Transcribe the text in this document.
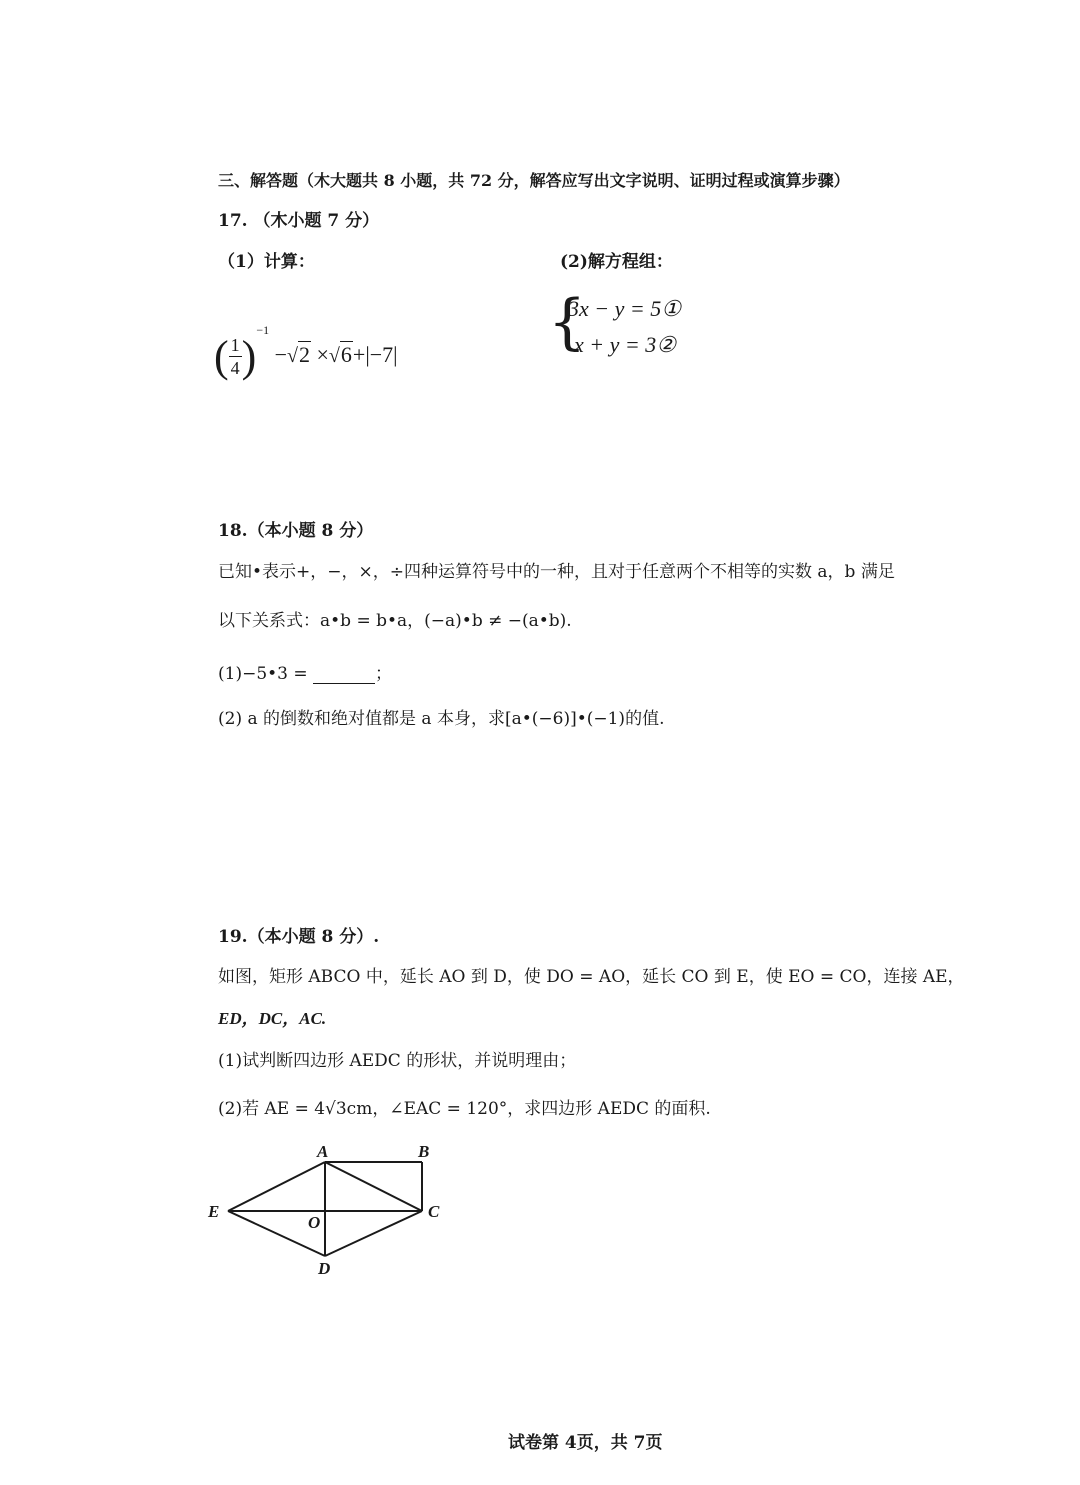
三、解答题（木大题共 8 小题，共 72 分，解答应写出文字说明、证明过程或演算步骤）
17. （木小题 7 分）
（1）计算：	(2)解方程组：
( $\frac{1}{4} )^{-1} -√2 \times√6+|-7|$	{
3x − y = 5①
x + y = 3②
18.（本小题 8 分）
已知•表示+，−，×，÷四种运算符号中的一种，且对于任意两个不相等的实数 a，b 满足
以下关系式：a•b = b•a，(−a)•b ≠ −(a•b).
(1)−5•3 =	；
(2) a 的倒数和绝对值都是 a 本身，求[a•(−6)]•(−1)的值.
19.（本小题 8 分）.
如图，矩形 ABCO 中，延长 AO 到 D，使 DO = AO，延长 CO 到 E，使 EO = CO，连接 AE，
ED，DC，AC.
(1)试判断四边形 AEDC 的形状，并说明理由；
(2)若 AE = 4√3cm，∠EAC = 120°，求四边形 AEDC 的面积.
A	B
C
D
E
O
试卷第 4页，共 7页
